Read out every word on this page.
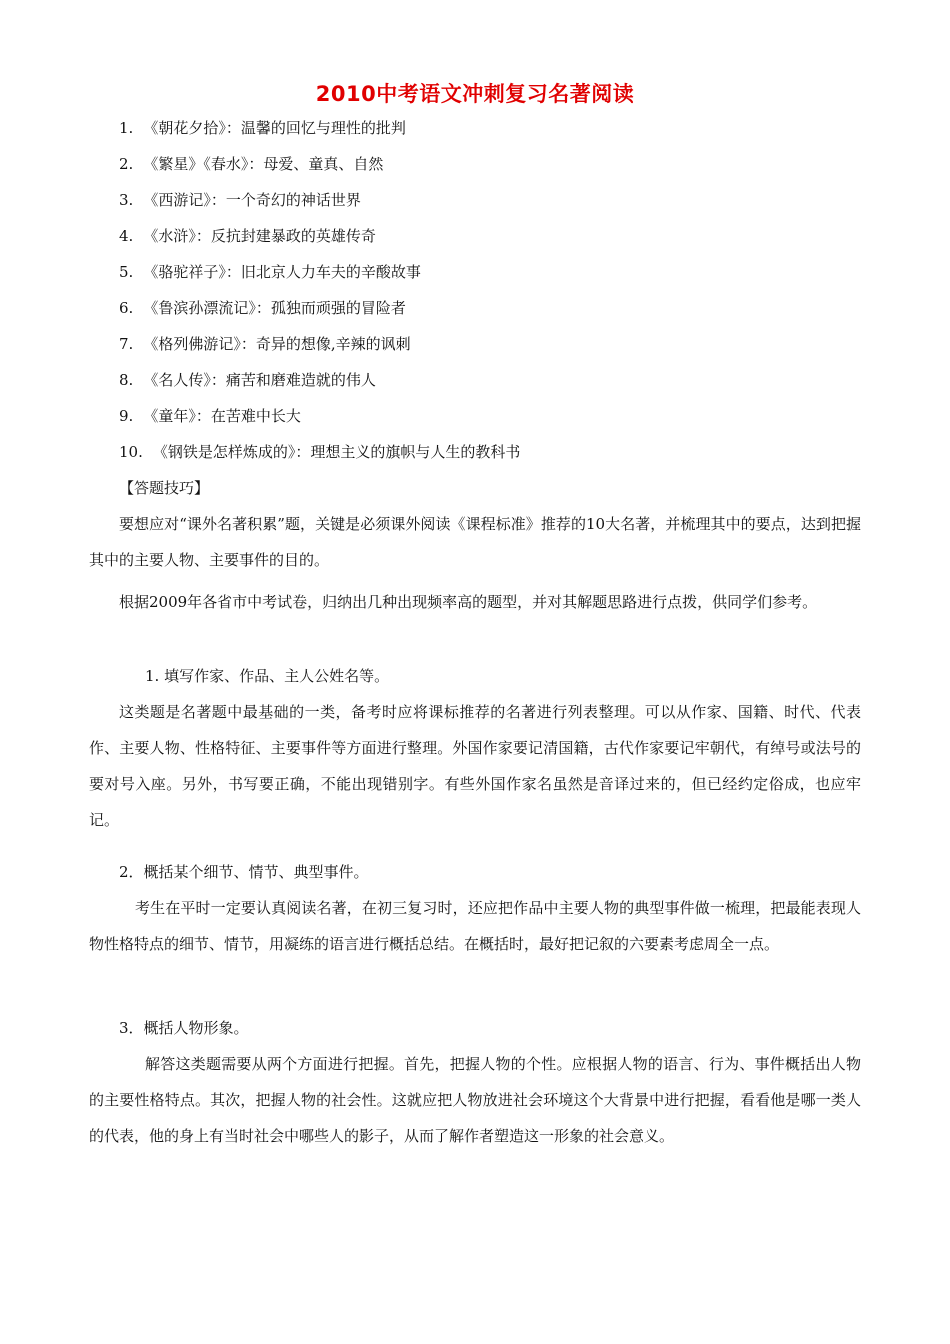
2010中考语文冲刺复习名著阅读
1. 《朝花夕拾》：温馨的回忆与理性的批判
2. 《繁星》《春水》：母爱、童真、自然
3. 《西游记》：一个奇幻的神话世界
4. 《水浒》：反抗封建暴政的英雄传奇
5. 《骆驼祥子》：旧北京人力车夫的辛酸故事
6. 《鲁滨孙漂流记》：孤独而顽强的冒险者
7. 《格列佛游记》：奇异的想像,辛辣的讽刺
8. 《名人传》：痛苦和磨难造就的伟人
9. 《童年》：在苦难中长大
10. 《钢铁是怎样炼成的》：理想主义的旗帜与人生的教科书

【答题技巧】

要想应对“课外名著积累”题，关键是必须课外阅读《课程标准》推荐的10大名著，并梳理其中的要点，达到把握其中的主要人物、主要事件的目的。

根据2009年各省市中考试卷，归纳出几种出现频率高的题型，并对其解题思路进行点拨，供同学们参考。

1. 填写作家、作品、主人公姓名等。

这类题是名著题中最基础的一类，备考时应将课标推荐的名著进行列表整理。可以从作家、国籍、时代、代表作、主要人物、性格特征、主要事件等方面进行整理。外国作家要记清国籍，古代作家要记牢朝代，有绰号或法号的要对号入座。另外，书写要正确，不能出现错别字。有些外国作家名虽然是音译过来的，但已经约定俗成，也应牢记。

2．概括某个细节、情节、典型事件。

考生在平时一定要认真阅读名著，在初三复习时，还应把作品中主要人物的典型事件做一梳理，把最能表现人物性格特点的细节、情节，用凝练的语言进行概括总结。在概括时，最好把记叙的六要素考虑周全一点。

3．概括人物形象。

解答这类题需要从两个方面进行把握。首先，把握人物的个性。应根据人物的语言、行为、事件概括出人物的主要性格特点。其次，把握人物的社会性。这就应把人物放进社会环境这个大背景中进行把握，看看他是哪一类人的代表，他的身上有当时社会中哪些人的影子，从而了解作者塑造这一形象的社会意义。
